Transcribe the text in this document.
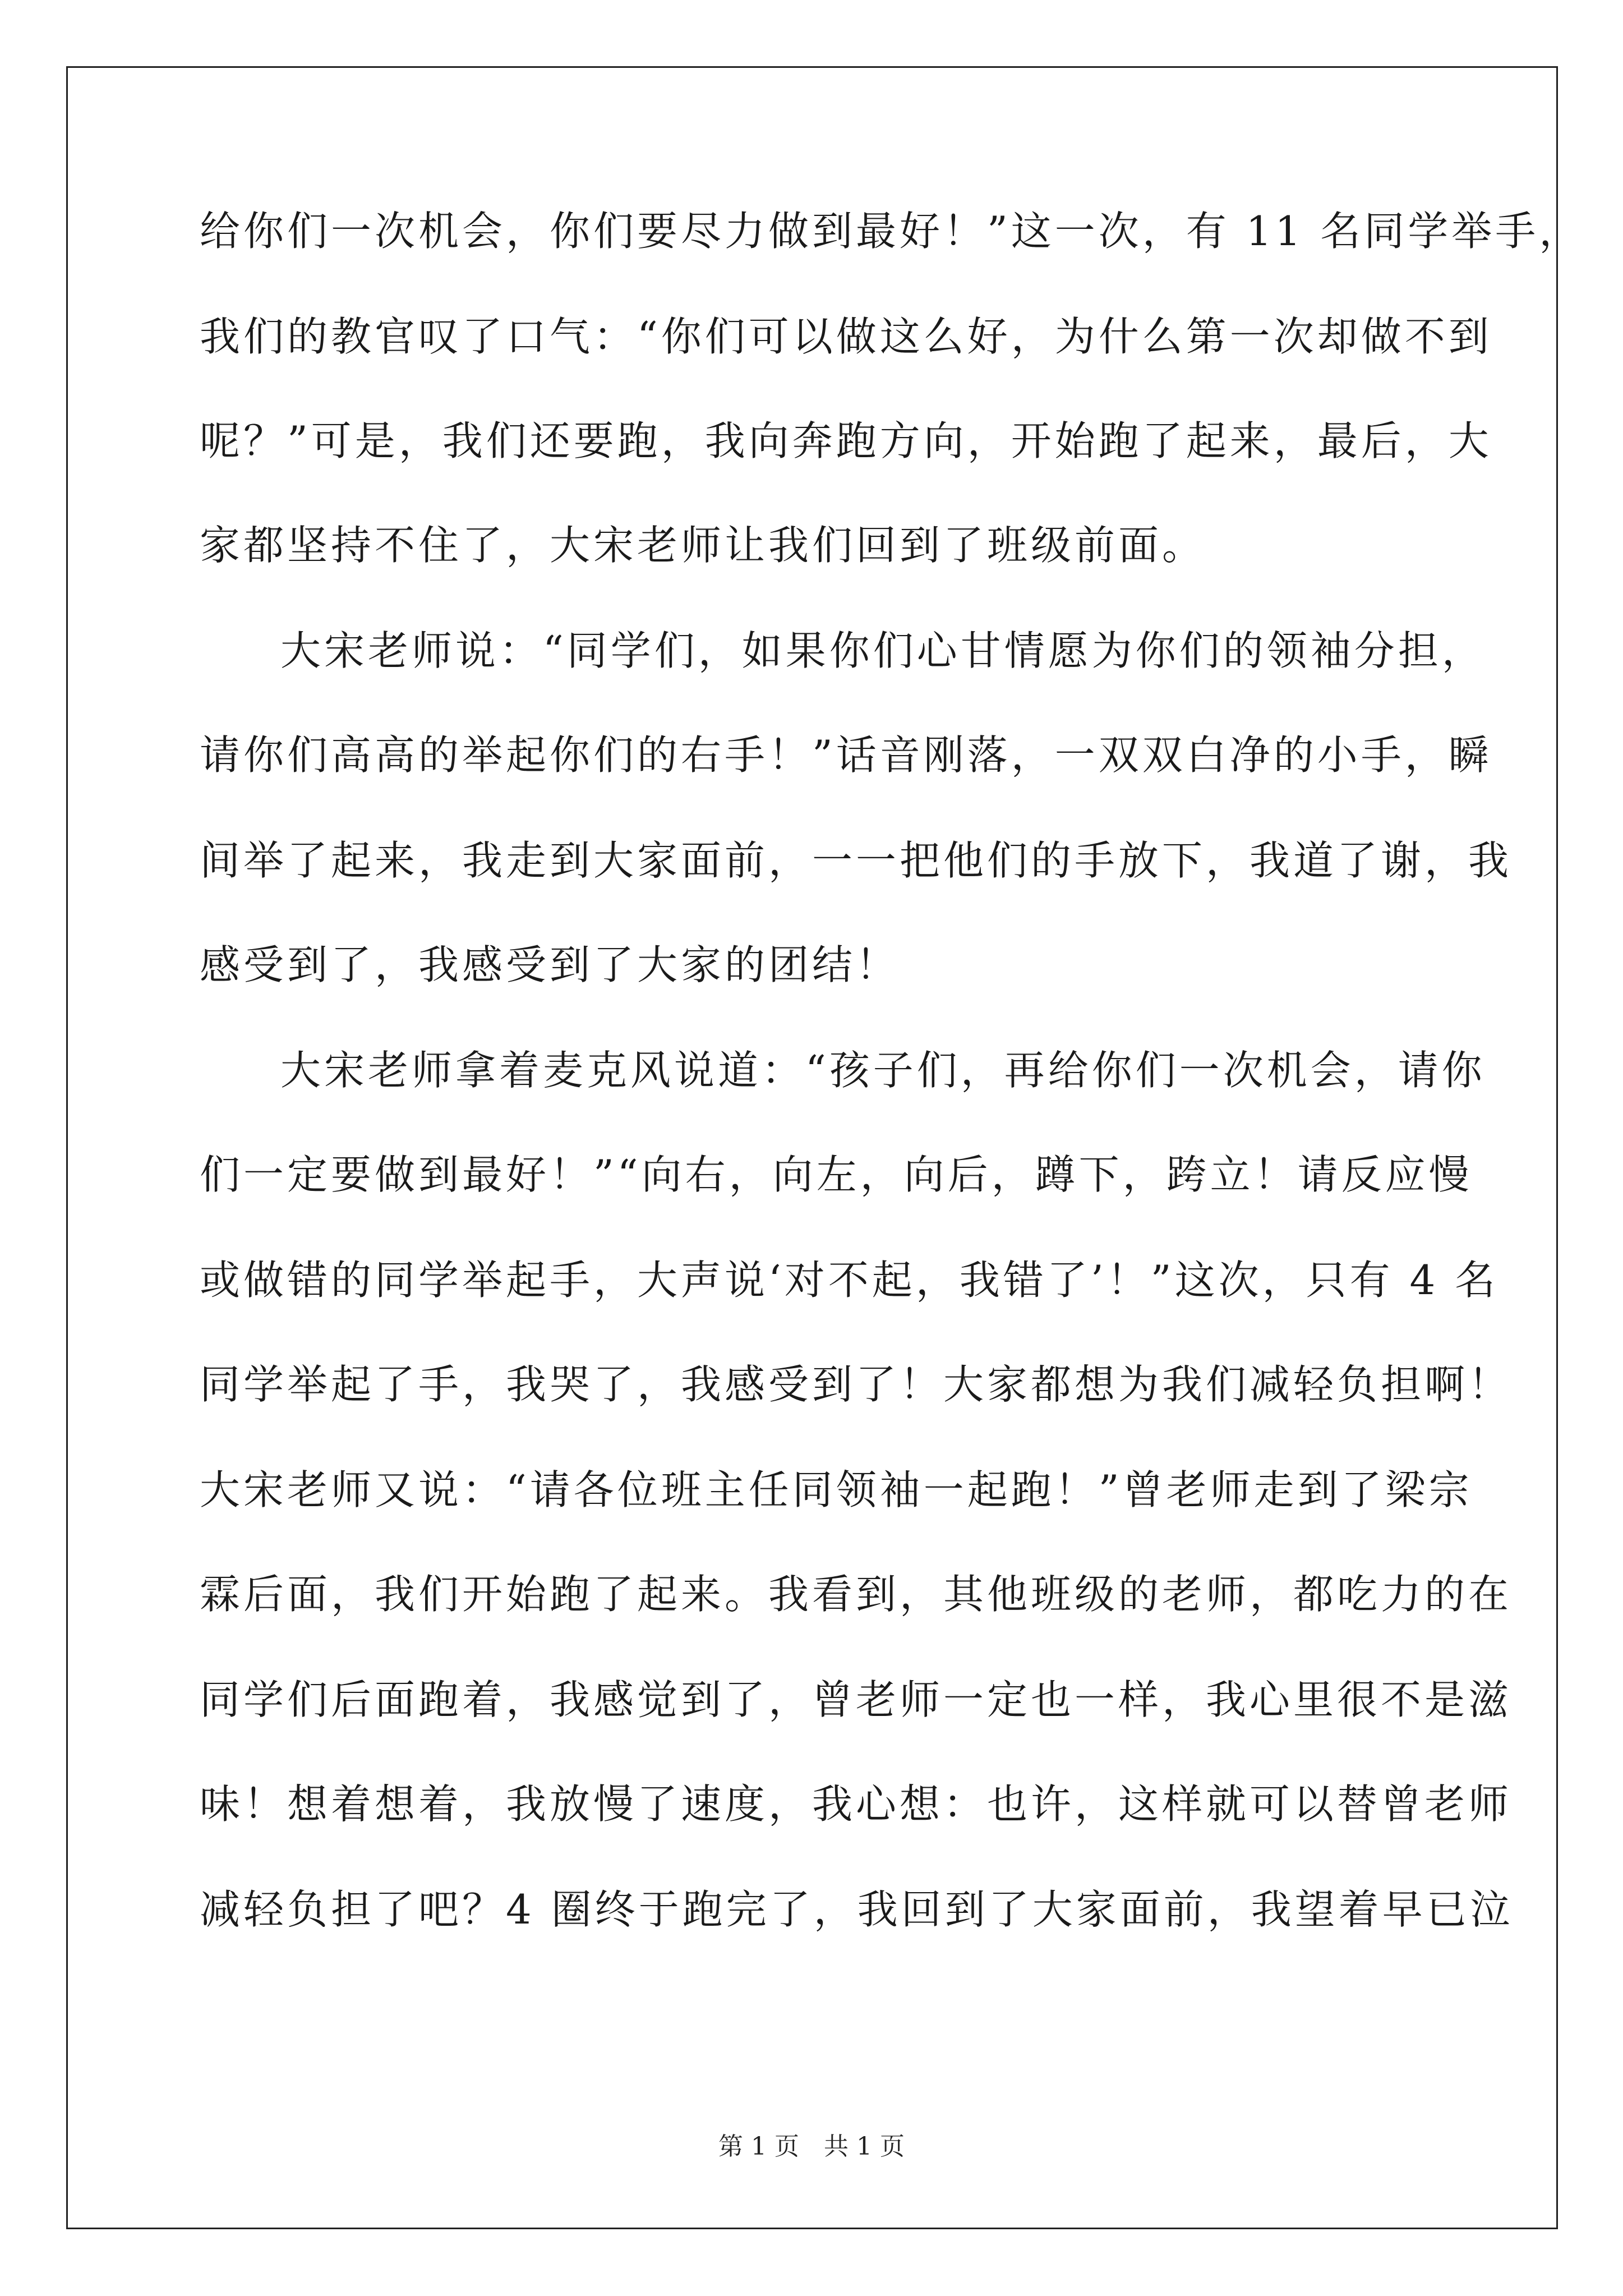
给你们一次机会，你们要尽力做到最好！”这一次，有 11 名同学举手，
我们的教官叹了口气：“你们可以做这么好，为什么第一次却做不到
呢？”可是，我们还要跑，我向奔跑方向，开始跑了起来，最后，大
家都坚持不住了，大宋老师让我们回到了班级前面。
大宋老师说：“同学们，如果你们心甘情愿为你们的领袖分担，
请你们高高的举起你们的右手！”话音刚落，一双双白净的小手，瞬
间举了起来，我走到大家面前，一一把他们的手放下，我道了谢，我
感受到了，我感受到了大家的团结！
大宋老师拿着麦克风说道：“孩子们，再给你们一次机会，请你
们一定要做到最好！”“向右，向左，向后，蹲下，跨立！请反应慢
或做错的同学举起手，大声说‘对不起，我错了’！”这次，只有 4 名
同学举起了手，我哭了，我感受到了！大家都想为我们减轻负担啊！
大宋老师又说：“请各位班主任同领袖一起跑！”曾老师走到了梁宗
霖后面，我们开始跑了起来。我看到，其他班级的老师，都吃力的在
同学们后面跑着，我感觉到了，曾老师一定也一样，我心里很不是滋
味！想着想着，我放慢了速度，我心想：也许，这样就可以替曾老师
减轻负担了吧？4 圈终于跑完了，我回到了大家面前，我望着早已泣
第 1 页　共 1 页
